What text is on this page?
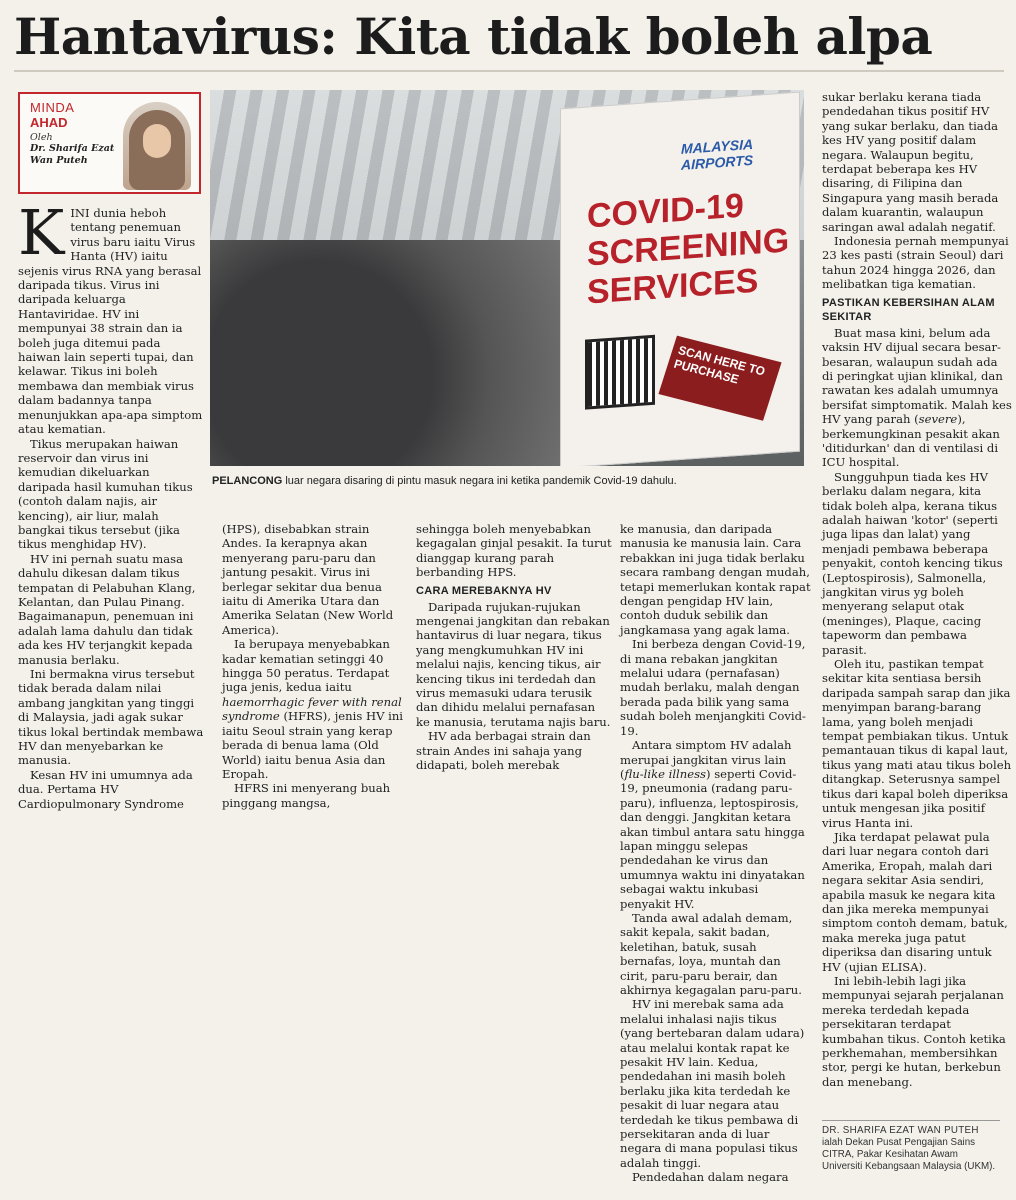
Hantavirus: Kita tidak boleh alpa
MINDA
AHAD
Oleh
Dr. Sharifa Ezat
Wan Puteh
MALAYSIA AIRPORTS
COVID-19 SCREENING SERVICES
SCAN HERE TO PURCHASE
PELANCONG luar negara disaring di pintu masuk negara ini ketika pandemik Covid-19 dahulu.

KINI dunia heboh tentang penemuan virus baru iaitu Virus Hanta (HV) iaitu sejenis virus RNA yang berasal daripada tikus. Virus ini daripada keluarga Hantaviridae. HV ini mempunyai 38 strain dan ia boleh juga ditemui pada haiwan lain seperti tupai, dan kelawar. Tikus ini boleh membawa dan membiak virus dalam badannya tanpa menunjukkan apa-apa simptom atau kematian.

Tikus merupakan haiwan reservoir dan virus ini kemudian dikeluarkan daripada hasil kumuhan tikus (contoh dalam najis, air kencing), air liur, malah bangkai tikus tersebut (jika tikus menghidap HV).

HV ini pernah suatu masa dahulu dikesan dalam tikus tempatan di Pelabuhan Klang, Kelantan, dan Pulau Pinang. Bagaimanapun, penemuan ini adalah lama dahulu dan tidak ada kes HV terjangkit kepada manusia berlaku.

Ini bermakna virus tersebut tidak berada dalam nilai ambang jangkitan yang tinggi di Malaysia, jadi agak sukar tikus lokal bertindak membawa HV dan menyebarkan ke manusia.

Kesan HV ini umumnya ada dua. Pertama HV Cardiopulmonary Syndrome

(HPS), disebabkan strain Andes. Ia kerapnya akan menyerang paru-paru dan jantung pesakit. Virus ini berlegar sekitar dua benua iaitu di Amerika Utara dan Amerika Selatan (New World America).

Ia berupaya menyebabkan kadar kematian setinggi 40 hingga 50 peratus. Terdapat juga jenis, kedua iaitu haemorrhagic fever with renal syndrome (HFRS), jenis HV ini iaitu Seoul strain yang kerap berada di benua lama (Old World) iaitu benua Asia dan Eropah.

HFRS ini menyerang buah pinggang mangsa,

sehingga boleh menyebabkan kegagalan ginjal pesakit. Ia turut dianggap kurang parah berbanding HPS.

CARA MEREBAKNYA HV

Daripada rujukan-rujukan mengenai jangkitan dan rebakan hantavirus di luar negara, tikus yang mengkumuhkan HV ini melalui najis, kencing tikus, air kencing tikus ini terdedah dan virus memasuki udara terusik dan dihidu melalui pernafasan ke manusia, terutama najis baru.

HV ada berbagai strain dan strain Andes ini sahaja yang didapati, boleh merebak

ke manusia, dan daripada manusia ke manusia lain. Cara rebakkan ini juga tidak berlaku secara rambang dengan mudah, tetapi memerlukan kontak rapat dengan pengidap HV lain, contoh duduk sebilik dan jangkamasa yang agak lama.

Ini berbeza dengan Covid-19, di mana rebakan jangkitan melalui udara (pernafasan) mudah berlaku, malah dengan berada pada bilik yang sama sudah boleh menjangkiti Covid-19.

Antara simptom HV adalah merupai jangkitan virus lain (flu-like illness) seperti Covid-19, pneumonia (radang paru-paru), influenza, leptospirosis, dan denggi. Jangkitan ketara akan timbul antara satu hingga lapan minggu selepas pendedahan ke virus dan umumnya waktu ini dinyatakan sebagai waktu inkubasi penyakit HV.

Tanda awal adalah demam, sakit kepala, sakit badan, keletihan, batuk, susah bernafas, loya, muntah dan cirit, paru-paru berair, dan akhirnya kegagalan paru-paru.

HV ini merebak sama ada melalui inhalasi najis tikus (yang bertebaran dalam udara) atau melalui kontak rapat ke pesakit HV lain. Kedua, pendedahan ini masih boleh berlaku jika kita terdedah ke pesakit di luar negara atau terdedah ke tikus pembawa di persekitaran anda di luar negara di mana populasi tikus adalah tinggi.

Pendedahan dalam negara

sukar berlaku kerana tiada pendedahan tikus positif HV yang sukar berlaku, dan tiada kes HV yang positif dalam negara. Walaupun begitu, terdapat beberapa kes HV disaring, di Filipina dan Singapura yang masih berada dalam kuarantin, walaupun saringan awal adalah negatif.

Indonesia pernah mempunyai 23 kes pasti (strain Seoul) dari tahun 2024 hingga 2026, dan melibatkan tiga kematian.

PASTIKAN KEBERSIHAN ALAM SEKITAR

Buat masa kini, belum ada vaksin HV dijual secara besar-besaran, walaupun sudah ada di peringkat ujian klinikal, dan rawatan kes adalah umumnya bersifat simptomatik. Malah kes HV yang parah (severe), berkemungkinan pesakit akan 'ditidurkan' dan di ventilasi di ICU hospital.

Sungguhpun tiada kes HV berlaku dalam negara, kita tidak boleh alpa, kerana tikus adalah haiwan 'kotor' (seperti juga lipas dan lalat) yang menjadi pembawa beberapa penyakit, contoh kencing tikus (Leptospirosis), Salmonella, jangkitan virus yg boleh menyerang selaput otak (meninges), Plaque, cacing tapeworm dan pembawa parasit.

Oleh itu, pastikan tempat sekitar kita sentiasa bersih daripada sampah sarap dan jika menyimpan barang-barang lama, yang boleh menjadi tempat pembiakan tikus. Untuk pemantauan tikus di kapal laut, tikus yang mati atau tikus boleh ditangkap. Seterusnya sampel tikus dari kapal boleh diperiksa untuk mengesan jika positif virus Hanta ini.

Jika terdapat pelawat pula dari luar negara contoh dari Amerika, Eropah, malah dari negara sekitar Asia sendiri, apabila masuk ke negara kita dan jika mereka mempunyai simptom contoh demam, batuk, maka mereka juga patut diperiksa dan disaring untuk HV (ujian ELISA).

Ini lebih-lebih lagi jika mempunyai sejarah perjalanan mereka terdedah kepada persekitaran terdapat kumbahan tikus. Contoh ketika perkhemahan, membersihkan stor, pergi ke hutan, berkebun dan menebang.

DR. SHARIFA EZAT WAN PUTEH ialah Dekan Pusat Pengajian Sains CITRA, Pakar Kesihatan Awam Universiti Kebangsaan Malaysia (UKM).
